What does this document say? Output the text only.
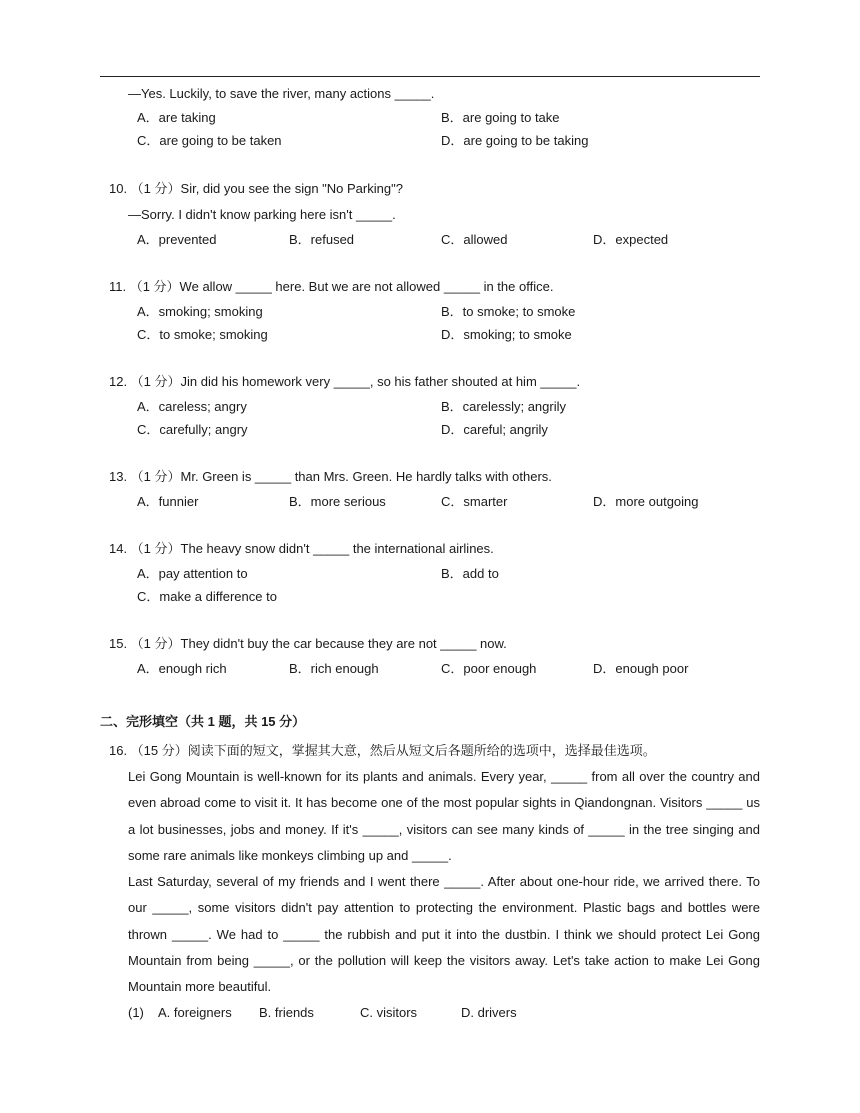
—Yes. Luckily, to save the river, many actions _____.
A．are taking	B．are going to take
C．are going to be taken	D．are going to be taking
10. （1 分）Sir, did you see the sign "No Parking"?
—Sorry. I didn't know parking here isn't _____.
A．prevented	B．refused	C．allowed	D．expected
11. （1 分）We allow _____ here. But we are not allowed _____ in the office.
A．smoking; smoking	B．to smoke; to smoke
C．to smoke; smoking	D．smoking; to smoke
12. （1 分）Jin did his homework very _____, so his father shouted at him _____.
A．careless; angry	B．carelessly; angrily
C．carefully; angry	D．careful; angrily
13. （1 分）Mr. Green is _____ than Mrs. Green. He hardly talks with others.
A．funnier	B．more serious	C．smarter	D．more outgoing
14. （1 分）The heavy snow didn't _____ the international airlines.
A．pay attention to	B．add to
C．make a difference to
15. （1 分）They didn't buy the car because they are not _____ now.
A．enough rich	B．rich enough	C．poor enough	D．enough poor
二、完形填空（共 1 题，共 15 分）
16. （15 分）阅读下面的短文，掌握其大意，然后从短文后各题所给的选项中，选择最佳选项。

Lei Gong Mountain is well-known for its plants and animals. Every year, _____ from all over the country and even abroad come to visit it. It has become one of the most popular sights in Qiandongnan. Visitors _____ us a lot businesses, jobs and money. If it's _____, visitors can see many kinds of _____ in the tree singing and some rare animals like monkeys climbing up and _____.

Last Saturday, several of my friends and I went there _____. After about one-hour ride, we arrived there. To our _____, some visitors didn't pay attention to protecting the environment. Plastic bags and bottles were thrown _____. We had to _____ the rubbish and put it into the dustbin. I think we should protect Lei Gong Mountain from being _____, or the pollution will keep the visitors away. Let's take action to make Lei Gong Mountain more beautiful.

(1) A. foreigners B. friends	C. visitors	D. drivers
